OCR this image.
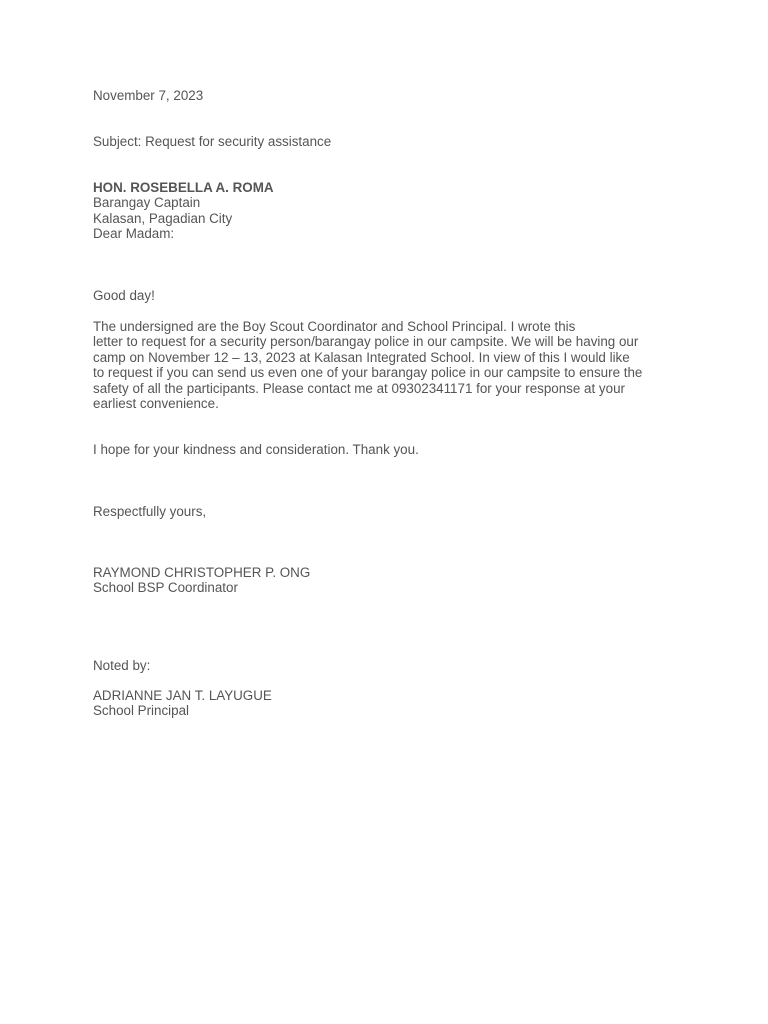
November 7, 2023
Subject: Request for security assistance
HON. ROSEBELLA A. ROMA
Barangay Captain
Kalasan, Pagadian City
Dear Madam:
Good day!
The undersigned are the Boy Scout Coordinator and School Principal. I wrote this
letter to request for a security person/barangay police in our campsite. We will be having our
camp on November 12 – 13, 2023 at Kalasan Integrated School. In view of this I would like
to request if you can send us even one of your barangay police in our campsite to ensure the
safety of all the participants. Please contact me at 09302341171 for your response at your
earliest convenience.
I hope for your kindness and consideration. Thank you.
Respectfully yours,
RAYMOND CHRISTOPHER P. ONG
School BSP Coordinator
Noted by:
ADRIANNE JAN T. LAYUGUE
School Principal
